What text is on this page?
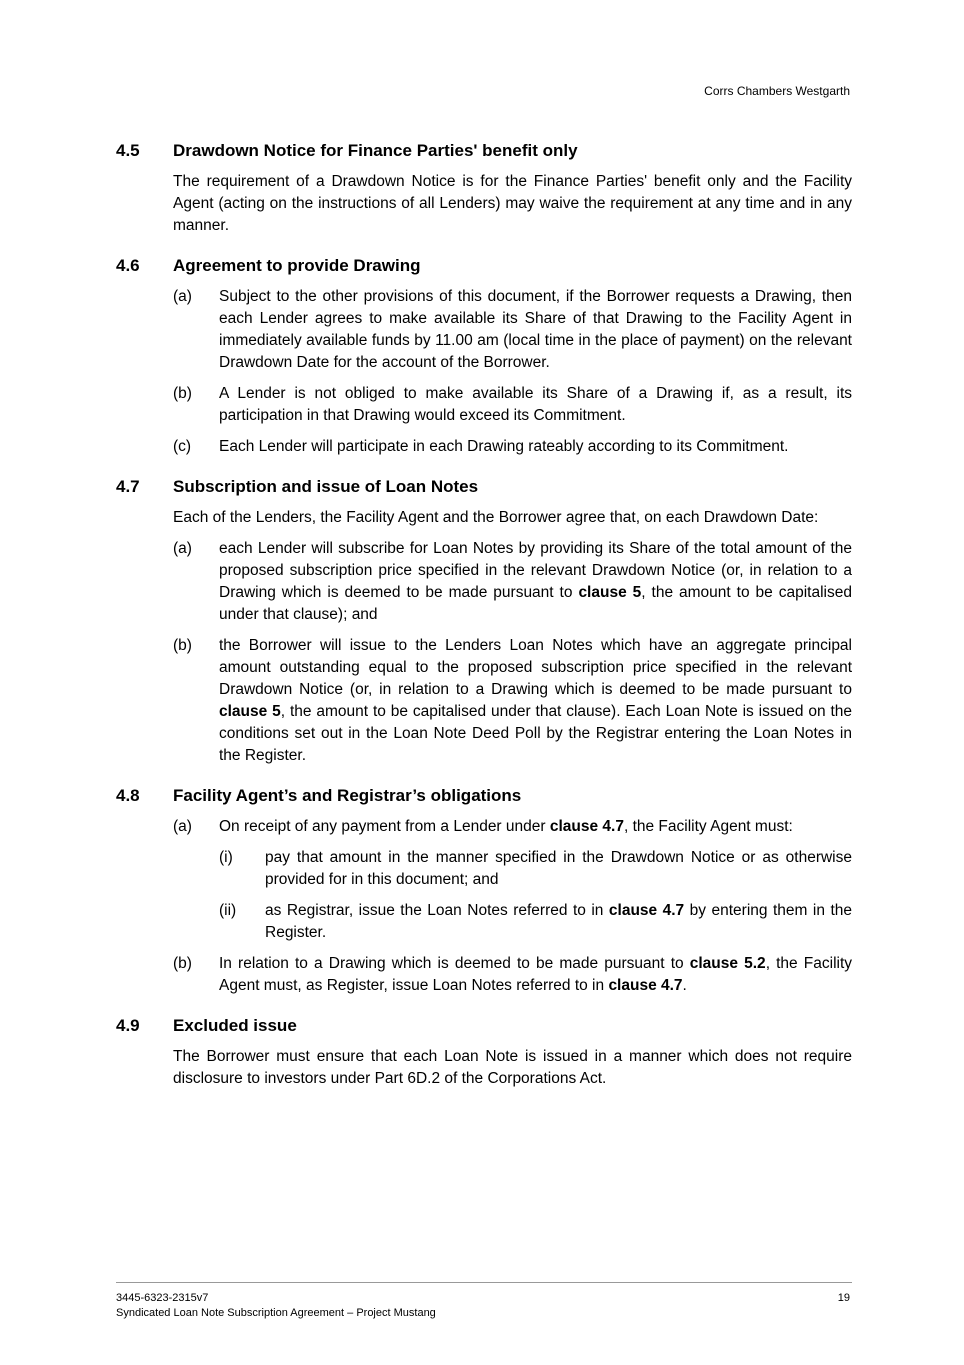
Corrs Chambers Westgarth
4.5	Drawdown Notice for Finance Parties' benefit only
The requirement of a Drawdown Notice is for the Finance Parties' benefit only and the Facility Agent (acting on the instructions of all Lenders) may waive the requirement at any time and in any manner.
4.6	Agreement to provide Drawing
(a)	Subject to the other provisions of this document, if the Borrower requests a Drawing, then each Lender agrees to make available its Share of that Drawing to the Facility Agent in immediately available funds by 11.00 am (local time in the place of payment) on the relevant Drawdown Date for the account of the Borrower.
(b)	A Lender is not obliged to make available its Share of a Drawing if, as a result, its participation in that Drawing would exceed its Commitment.
(c)	Each Lender will participate in each Drawing rateably according to its Commitment.
4.7	Subscription and issue of Loan Notes
Each of the Lenders, the Facility Agent and the Borrower agree that, on each Drawdown Date:
(a)	each Lender will subscribe for Loan Notes by providing its Share of the total amount of the proposed subscription price specified in the relevant Drawdown Notice (or, in relation to a Drawing which is deemed to be made pursuant to clause 5, the amount to be capitalised under that clause); and
(b)	the Borrower will issue to the Lenders Loan Notes which have an aggregate principal amount outstanding equal to the proposed subscription price specified in the relevant Drawdown Notice (or, in relation to a Drawing which is deemed to be made pursuant to clause 5, the amount to be capitalised under that clause). Each Loan Note is issued on the conditions set out in the Loan Note Deed Poll by the Registrar entering the Loan Notes in the Register.
4.8	Facility Agent’s and Registrar’s obligations
(a)	On receipt of any payment from a Lender under clause 4.7, the Facility Agent must:
(i)	pay that amount in the manner specified in the Drawdown Notice or as otherwise provided for in this document; and
(ii)	as Registrar, issue the Loan Notes referred to in clause 4.7 by entering them in the Register.
(b)	In relation to a Drawing which is deemed to be made pursuant to clause 5.2, the Facility Agent must, as Register, issue Loan Notes referred to in clause 4.7.
4.9	Excluded issue
The Borrower must ensure that each Loan Note is issued in a manner which does not require disclosure to investors under Part 6D.2 of the Corporations Act.
3445-6323-2315v7	19
Syndicated Loan Note Subscription Agreement – Project Mustang
